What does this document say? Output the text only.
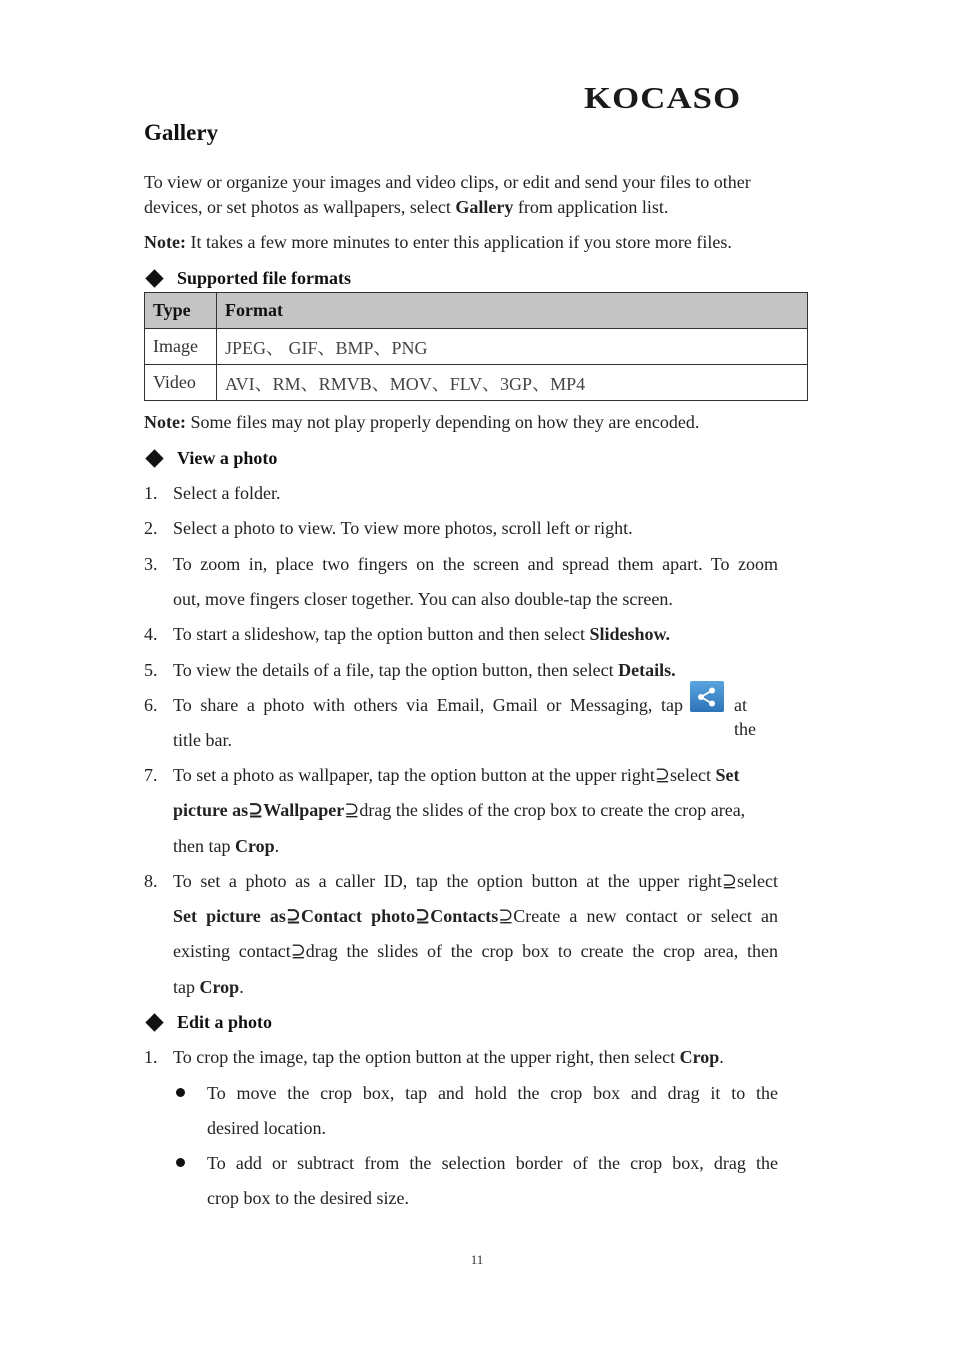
KOCASO
Gallery
To view or organize your images and video clips, or edit and send your files to other
devices, or set photos as wallpapers, select Gallery from application list.
Note: It takes a few more minutes to enter this application if you store more files.
Supported file formats
Type	Format
Image	JPEG、 GIF、BMP、PNG
Video	AVI、RM、RMVB、MOV、FLV、3GP、MP4
Note: Some files may not play properly depending on how they are encoded.
View a photo
1. Select a folder.
2. Select a photo to view. To view more photos, scroll left or right.
3. To zoom in, place two fingers on the screen and spread them apart. To zoom
out, move fingers closer together. You can also double-tap the screen.
4. To start a slideshow, tap the option button and then select Slideshow.
5. To view the details of a file, tap the option button, then select Details.
6. To share a photo with others via Email, Gmail or Messaging, tap	at the
title bar.
7. To set a photo as wallpaper, tap the option button at the upper right⊇select Set
picture as⊇Wallpaper⊇drag the slides of the crop box to create the crop area,
then tap Crop.
8. To set a photo as a caller ID, tap the option button at the upper right⊇select
Set picture as⊇Contact photo⊇Contacts⊇Create a new contact or select an
existing contact⊇drag the slides of the crop box to create the crop area, then
tap Crop.
Edit a photo
1. To crop the image, tap the option button at the upper right, then select Crop.
To move the crop box, tap and hold the crop box and drag it to the
desired location.
To add or subtract from the selection border of the crop box, drag the
crop box to the desired size.
11
